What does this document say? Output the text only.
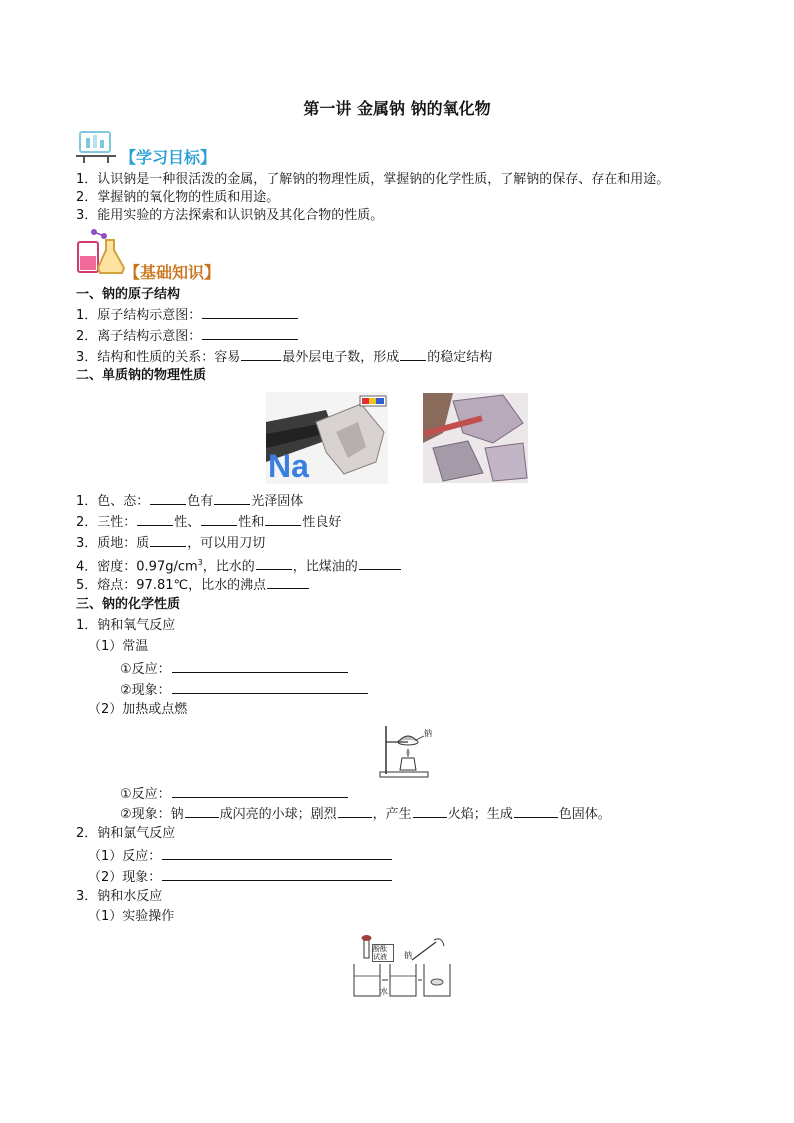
第一讲 金属钠 钠的氧化物
【学习目标】
1．认识钠是一种很活泼的金属，了解钠的物理性质，掌握钠的化学性质，了解钠的保存、存在和用途。
2．掌握钠的氧化物的性质和用途。
3．能用实验的方法探索和认识钠及其化合物的性质。
【基础知识】
一、钠的原子结构
1．原子结构示意图：
2．离子结构示意图：
3．结构和性质的关系：容易	最外层电子数，形成 的稳定结构
二、单质钠的物理性质
Na
1．色、态：	色有	光泽固体
2．三性：	性、	性和	性良好
3．质地：质	，可以用刀切
4．密度：$0.97g/cm^3$，比水的	，比煤油的
5．熔点：97.81℃，比水的沸点
三、钠的化学性质
1．钠和氧气反应
（1）常温
①反应：
②现象：
（2）加热或点燃
钠
①反应：
②现象：钠	成闪亮的小球；剧烈	，产生	火焰；生成	色固体。
2．钠和氯气反应
（1）反应：
（2）现象：
3．钠和水反应
（1）实验操作
酚酞试液	钠
水
